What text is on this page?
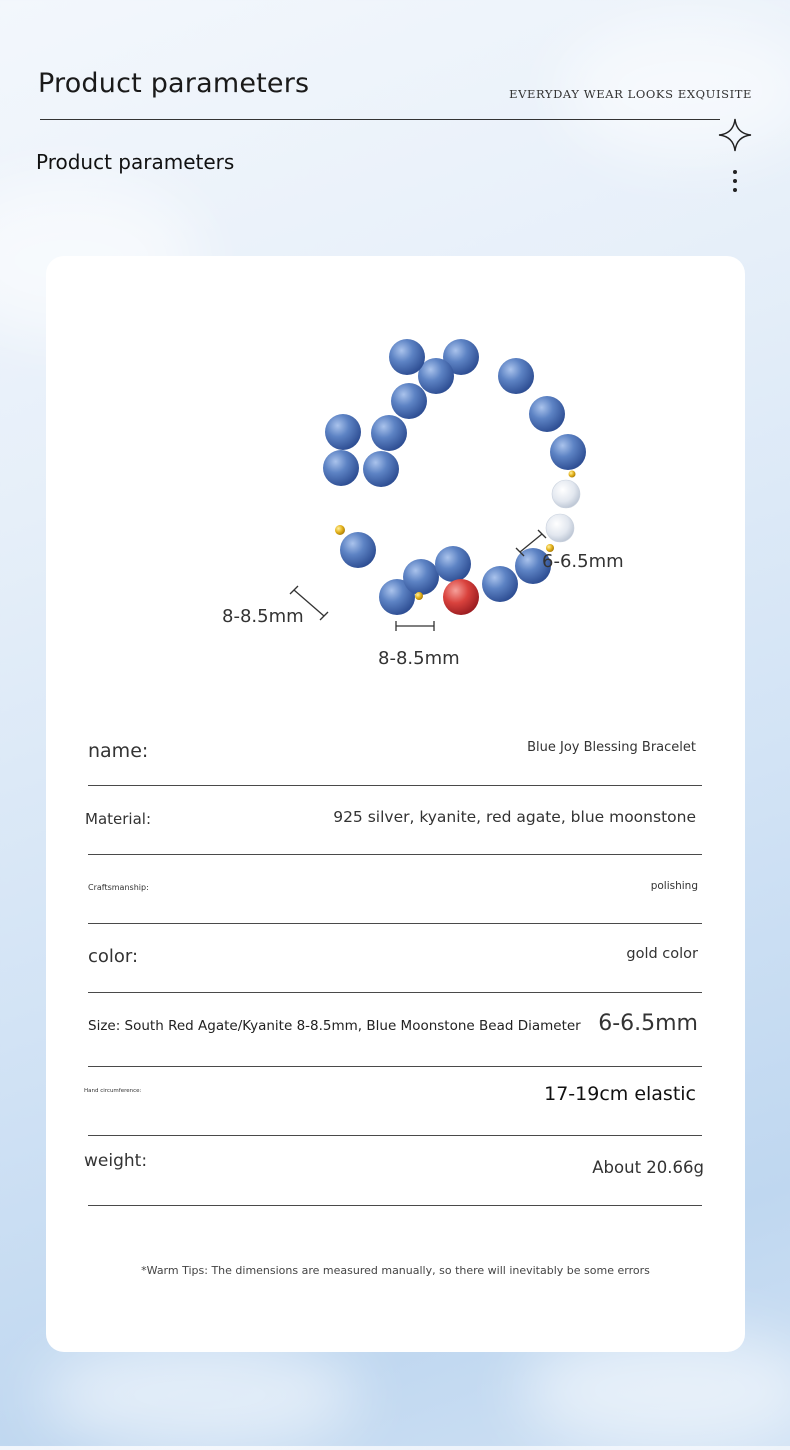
Product parameters	EVERYDAY WEAR LOOKS EXQUISITE
Product parameters
8-8.5mm
8-8.5mm
6-6.5mm
name:	Blue Joy Blessing Bracelet
Material:	925 silver, kyanite, red agate, blue moonstone
Craftsmanship:	polishing
color:	gold color
Size: South Red Agate/Kyanite 8-8.5mm, Blue Moonstone Bead Diameter 6-6.5mm
Hand circumference:	17-19cm elastic
weight:	About 20.66g
*Warm Tips: The dimensions are measured manually, so there will inevitably be some errors
